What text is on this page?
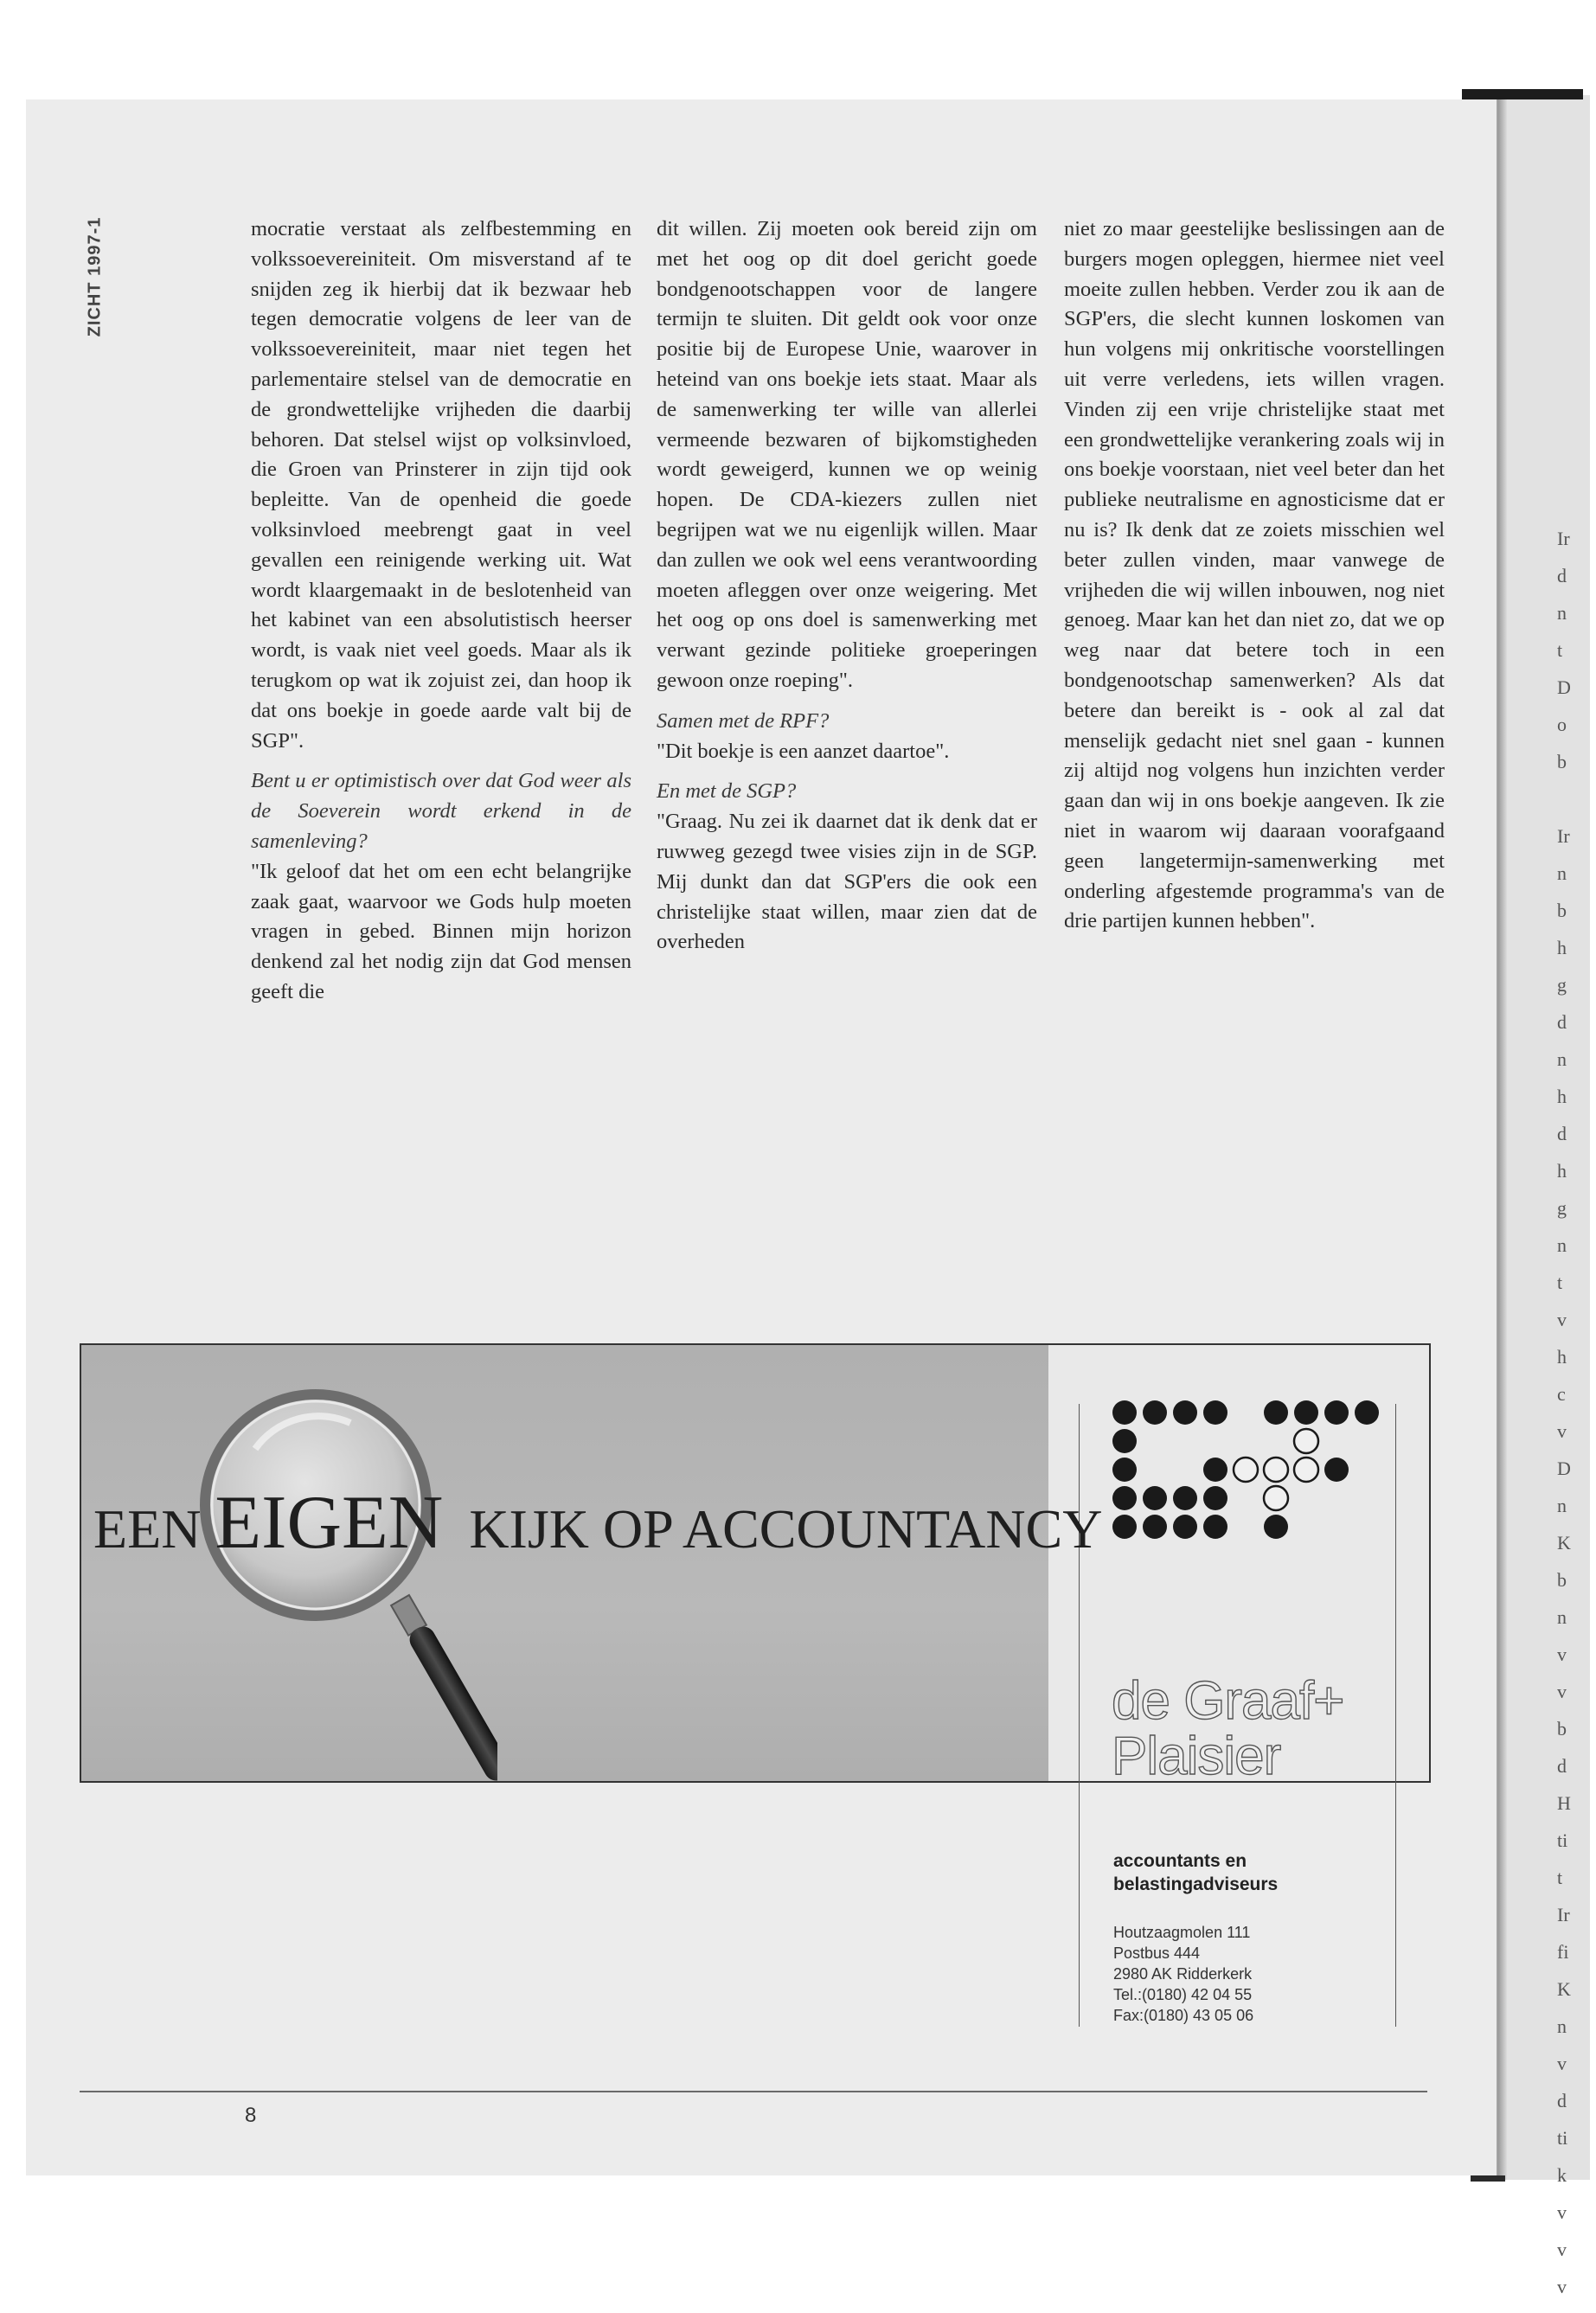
ZICHT 1997-1	mocratie verstaat als zelfbestemming en volkssoevereiniteit. Om misverstand af te snijden zeg ik hierbij dat ik bezwaar heb tegen democratie volgens de leer van de volkssoevereiniteit, maar niet tegen het parlementaire stelsel van de democratie en de grondwettelijke vrijheden die daarbij behoren. Dat stelsel wijst op volksinvloed, die Groen van Prinsterer in zijn tijd ook bepleitte. Van de openheid die goede volksinvloed meebrengt gaat in veel gevallen een reinigende werking uit. Wat wordt klaargemaakt in de beslotenheid van het kabinet van een absolutistisch heerser wordt, is vaak niet veel goeds. Maar als ik terugkom op wat ik zojuist zei, dan hoop ik dat ons boekje in goede aarde valt bij de SGP".

Bent u er optimistisch over dat God weer als de Soeverein wordt erkend in de samenleving?

"Ik geloof dat het om een echt belangrijke zaak gaat, waarvoor we Gods hulp moeten vragen in gebed. Binnen mijn horizon denkend zal het nodig zijn dat God mensen geeft die

dit willen. Zij moeten ook bereid zijn om met het oog op dit doel gericht goede bondgenootschappen voor de langere termijn te sluiten. Dit geldt ook voor onze positie bij de Europese Unie, waarover in heteind van ons boekje iets staat. Maar als de samenwerking ter wille van allerlei vermeende bezwaren of bijkomstigheden wordt geweigerd, kunnen we op weinig hopen. De CDA-kiezers zullen niet begrijpen wat we nu eigenlijk willen. Maar dan zullen we ook wel eens verantwoording moeten afleggen over onze weigering. Met het oog op ons doel is samenwerking met verwant gezinde politieke groeperingen gewoon onze roeping".

Samen met de RPF?

"Dit boekje is een aanzet daartoe".

En met de SGP?

"Graag. Nu zei ik daarnet dat ik denk dat er ruwweg gezegd twee visies zijn in de SGP. Mij dunkt dan dat SGP'ers die ook een christelijke staat willen, maar zien dat de overheden

niet zo maar geestelijke beslissingen aan de burgers mogen opleggen, hiermee niet veel moeite zullen hebben. Verder zou ik aan de SGP'ers, die slecht kunnen loskomen van hun volgens mij onkritische voorstellingen uit verre verledens, iets willen vragen. Vinden zij een vrije christelijke staat met een grondwettelijke verankering zoals wij in ons boekje voorstaan, niet veel beter dan het publieke neutralisme en agnosticisme dat er nu is? Ik denk dat ze zoiets misschien wel beter zullen vinden, maar vanwege de vrijheden die wij willen inbouwen, nog niet genoeg. Maar kan het dan niet zo, dat we op weg naar dat betere toch in een bondgenootschap samenwerken? Als dat betere dan bereikt is - ook al zal dat menselijk gedacht niet snel gaan - kunnen zij altijd nog volgens hun inzichten verder gaan dan wij in ons boekje aangeven. Ik zie niet in waarom wij daaraan voorafgaand geen langetermijn-samenwerking met onderling afgestemde programma's van de drie partijen kunnen hebben".

EEN EIGEN KIJK OP ACCOUNTANCY
de Graaf+
Plaisier
accountants en
belastingadviseurs
Houtzaagmolen 111
Postbus 444
2980 AK Ridderkerk
Tel.:(0180) 42 04 55
Fax:(0180) 43 05 06
8
Ir
d
n
t
D
o
b
Ir
n
b
h
g
d
n
h
d
h
g
n
t
v
h
c
v
D
n
K
b
n
v
v
b
d
H
ti
t
Ir
fi
K
n
v
d
ti
k
v
v
v
